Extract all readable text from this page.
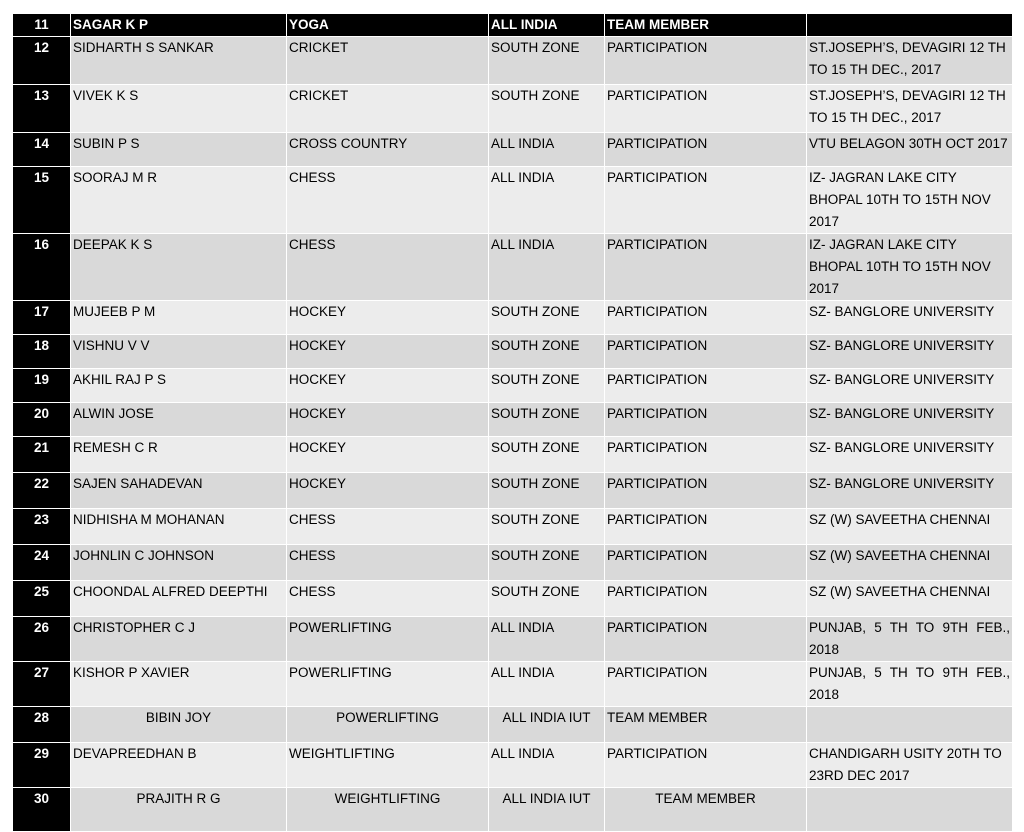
11	SAGAR K P	YOGA	ALL INDIA	TEAM MEMBER	
12	SIDHARTH S SANKAR	CRICKET	SOUTH ZONE	PARTICIPATION	ST.JOSEPH’S, DEVAGIRI 12 TH TO 15 TH DEC., 2017
13	VIVEK K S	CRICKET	SOUTH ZONE	PARTICIPATION	ST.JOSEPH’S, DEVAGIRI 12 TH TO 15 TH DEC., 2017
14	SUBIN P S	CROSS COUNTRY	ALL INDIA	PARTICIPATION	VTU BELAGON 30TH OCT 2017
15	SOORAJ M R	CHESS	ALL INDIA	PARTICIPATION	IZ- JAGRAN LAKE CITY BHOPAL 10TH TO 15TH NOV 2017
16	DEEPAK K S	CHESS	ALL INDIA	PARTICIPATION	IZ- JAGRAN LAKE CITY BHOPAL 10TH TO 15TH NOV 2017
17	MUJEEB P M	HOCKEY	SOUTH ZONE	PARTICIPATION	SZ- BANGLORE UNIVERSITY
18	VISHNU V V	HOCKEY	SOUTH ZONE	PARTICIPATION	SZ- BANGLORE UNIVERSITY
19	AKHIL RAJ P S	HOCKEY	SOUTH ZONE	PARTICIPATION	SZ- BANGLORE UNIVERSITY
20	ALWIN JOSE	HOCKEY	SOUTH ZONE	PARTICIPATION	SZ- BANGLORE UNIVERSITY
21	REMESH C R	HOCKEY	SOUTH ZONE	PARTICIPATION	SZ- BANGLORE UNIVERSITY
22	SAJEN SAHADEVAN	HOCKEY	SOUTH ZONE	PARTICIPATION	SZ- BANGLORE UNIVERSITY
23	NIDHISHA M MOHANAN	CHESS	SOUTH ZONE	PARTICIPATION	SZ (W) SAVEETHA CHENNAI
24	JOHNLIN C JOHNSON	CHESS	SOUTH ZONE	PARTICIPATION	SZ (W) SAVEETHA CHENNAI
25	CHOONDAL ALFRED DEEPTHI	CHESS	SOUTH ZONE	PARTICIPATION	SZ (W) SAVEETHA CHENNAI
26	CHRISTOPHER C J	POWERLIFTING	ALL INDIA	PARTICIPATION	PUNJAB, 5 TH TO 9TH FEB., 2018
27	KISHOR P XAVIER	POWERLIFTING	ALL INDIA	PARTICIPATION	PUNJAB, 5 TH TO 9TH FEB., 2018
28	BIBIN JOY	POWERLIFTING	ALL INDIA IUT	TEAM MEMBER	
29	DEVAPREEDHAN B	WEIGHTLIFTING	ALL INDIA	PARTICIPATION	CHANDIGARH USITY 20TH TO 23RD DEC 2017
30	PRAJITH R G	WEIGHTLIFTING	ALL INDIA IUT	TEAM MEMBER	
